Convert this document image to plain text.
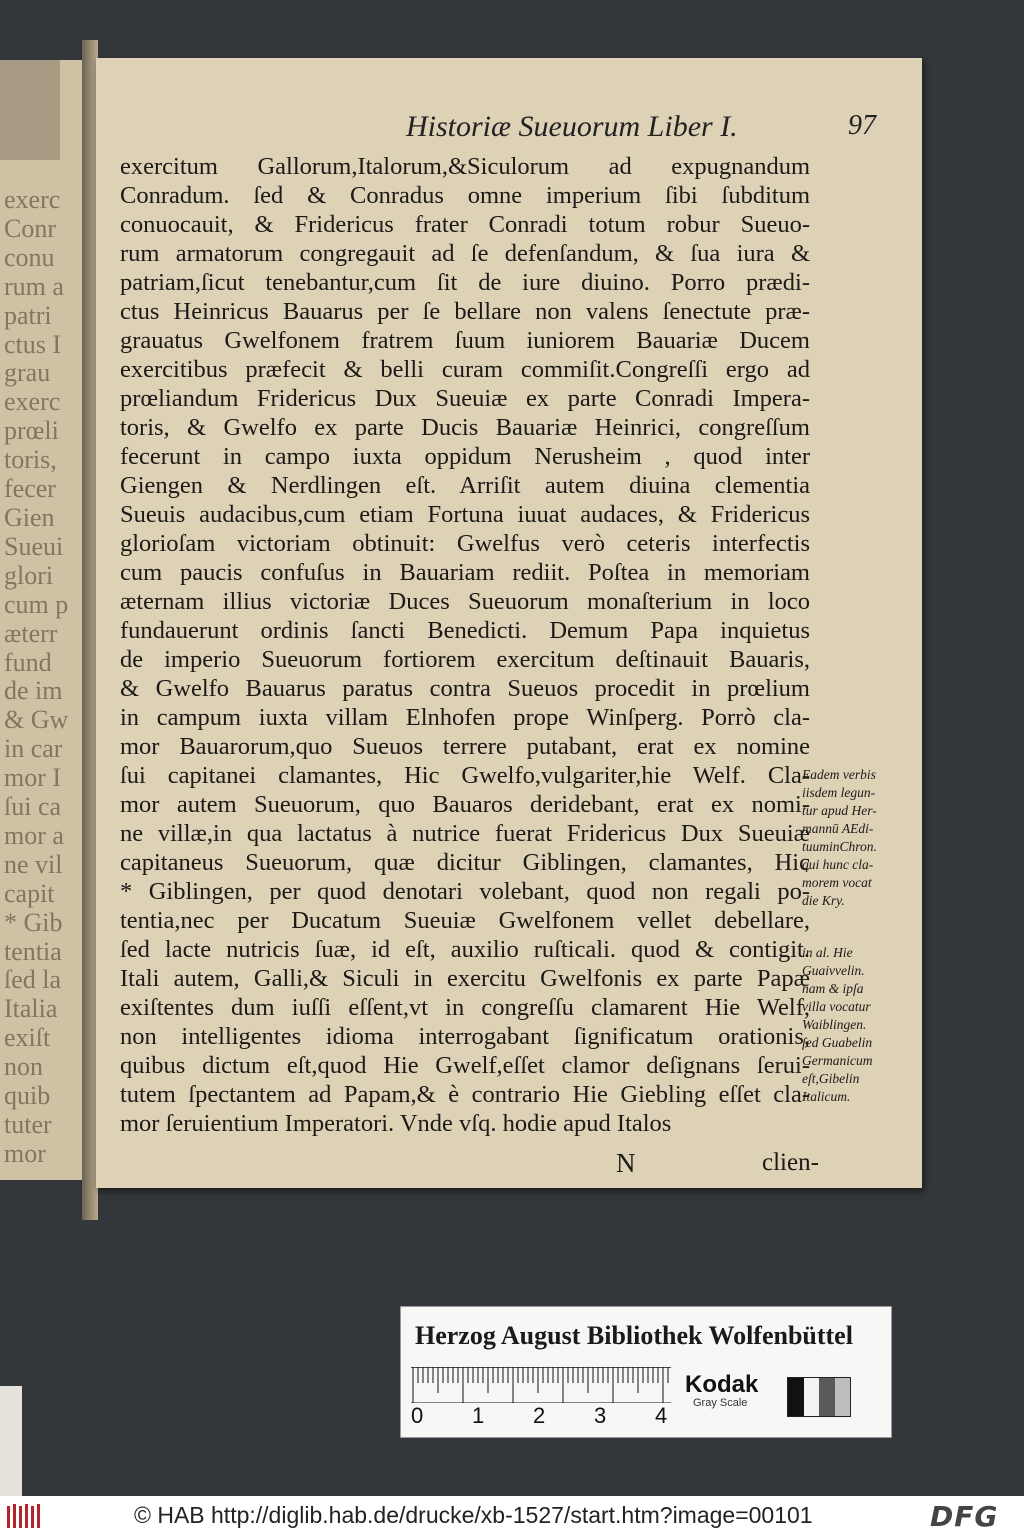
exerc
Conr
conu
rum a
patri
ctus I
grau
exerc
prœli
toris,
fecer
Gien
Sueui
glori
cum p
æterr
fund
de im
& Gw
in car
mor I
ſui ca
mor a
ne vil
capit
* Gib
tentia
ſed la
Italia
exiſt
non
quib
tuter
mor
Historiæ Sueuorum Liber I.	97
exercitum Gallorum,Italorum,&Siculorum ad expugnandum
Conradum. ſed & Conradus omne imperium ſibi ſubditum
conuocauit, & Fridericus frater Conradi totum robur Sueuo-
rum armatorum congregauit ad ſe defenſandum, & ſua iura &
patriam,ſicut tenebantur,cum ſit de iure diuino. Porro prædi-
ctus Heinricus Bauarus per ſe bellare non valens ſenectute præ-
grauatus Gwelfonem fratrem ſuum iuniorem Bauariæ Ducem
exercitibus præfecit & belli curam commiſit.Congreſſi ergo ad
prœliandum Fridericus Dux Sueuiæ ex parte Conradi Impera-
toris, & Gwelfo ex parte Ducis Bauariæ Heinrici, congreſſum
fecerunt in campo iuxta oppidum Nerusheim , quod inter
Giengen & Nerdlingen eſt. Arriſit autem diuina clementia
Sueuis audacibus,cum etiam Fortuna iuuat audaces, & Fridericus
glorioſam victoriam obtinuit: Gwelfus verò ceteris interfectis
cum paucis confuſus in Bauariam rediit. Poſtea in memoriam
æternam illius victoriæ Duces Sueuorum monaſterium in loco
fundauerunt ordinis ſancti Benedicti. Demum Papa inquietus
de imperio Sueuorum fortiorem exercitum deſtinauit Bauaris,
& Gwelfo Bauarus paratus contra Sueuos procedit in prœlium
in campum iuxta villam Elnhofen prope Winſperg. Porrò cla-
mor Bauarorum,quo Sueuos terrere putabant, erat ex nomine
ſui capitanei clamantes, Hic Gwelfo,vulgariter,hie Welf. Cla-
mor autem Sueuorum, quo Bauaros deridebant, erat ex nomi-
ne villæ,in qua lactatus à nutrice fuerat Fridericus Dux Sueuiæ
capitaneus Sueuorum, quæ dicitur Giblingen, clamantes, Hic
* Giblingen, per quod denotari volebant, quod non regali po-
tentia,nec per Ducatum Sueuiæ Gwelfonem vellet debellare,
ſed lacte nutricis ſuæ, id eſt, auxilio ruſticali. quod & contigit.
Itali autem, Galli,& Siculi in exercitu Gwelfonis ex parte Papæ
exiſtentes dum iuſſi eſſent,vt in congreſſu clamarent Hie Welf,
non intelligentes idioma interrogabant ſignificatum orationis,
quibus dictum eſt,quod Hie Gwelf,eſſet clamor deſignans ſerui-
tutem ſpectantem ad Papam,& è contrario Hie Giebling eſſet cla-
mor ſeruientium Imperatori. Vnde vſq. hodie apud Italos
Eadem verbis
iisdem legun-
tur apud Her-
mannū AEdi-
tuuminChron.
qui hunc cla-
morem vocat
die Kry.
in al. Hie
Guaivvelin.
nam & ipſa
villa vocatur
Waiblingen.
ſed Guabelin
Germanicum
eſt,Gibelin
Italicum.
N	clien-
Herzog August Bibliothek Wolfenbüttel
0 1 2 3 4
Kodak
Gray Scale
© HAB http://diglib.hab.de/drucke/xb-1527/start.htm?image=00101	DFG
